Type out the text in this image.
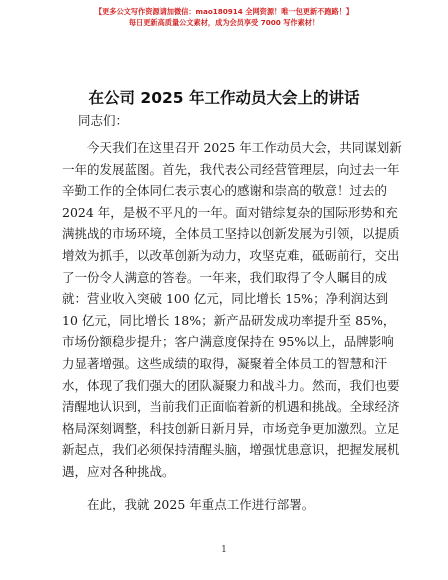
【更多公文写作资源请加微信：mao180914 全网资源！唯一包更新不跑路！】
每日更新高质量公文素材，成为会员享受 7000 写作素材！
在公司 2025 年工作动员大会上的讲话
同志们：
今天我们在这里召开 2025 年工作动员大会，共同谋划新
一年的发展蓝图。首先，我代表公司经营管理层，向过去一年
辛勤工作的全体同仁表示衷心的感谢和崇高的敬意！过去的
2024 年，是极不平凡的一年。面对错综复杂的国际形势和充
满挑战的市场环境，全体员工坚持以创新发展为引领，以提质
增效为抓手，以改革创新为动力，攻坚克难，砥砺前行，交出
了一份令人满意的答卷。一年来，我们取得了令人瞩目的成
就：营业收入突破 100 亿元，同比增长 15%；净利润达到
10 亿元，同比增长 18%；新产品研发成功率提升至 85%，
市场份额稳步提升；客户满意度保持在 95%以上，品牌影响
力显著增强。这些成绩的取得，凝聚着全体员工的智慧和汗
水，体现了我们强大的团队凝聚力和战斗力。然而，我们也要
清醒地认识到，当前我们正面临着新的机遇和挑战。全球经济
格局深刻调整，科技创新日新月异，市场竞争更加激烈。立足
新起点，我们必须保持清醒头脑，增强忧患意识，把握发展机
遇，应对各种挑战。
在此，我就 2025 年重点工作进行部署。
1
